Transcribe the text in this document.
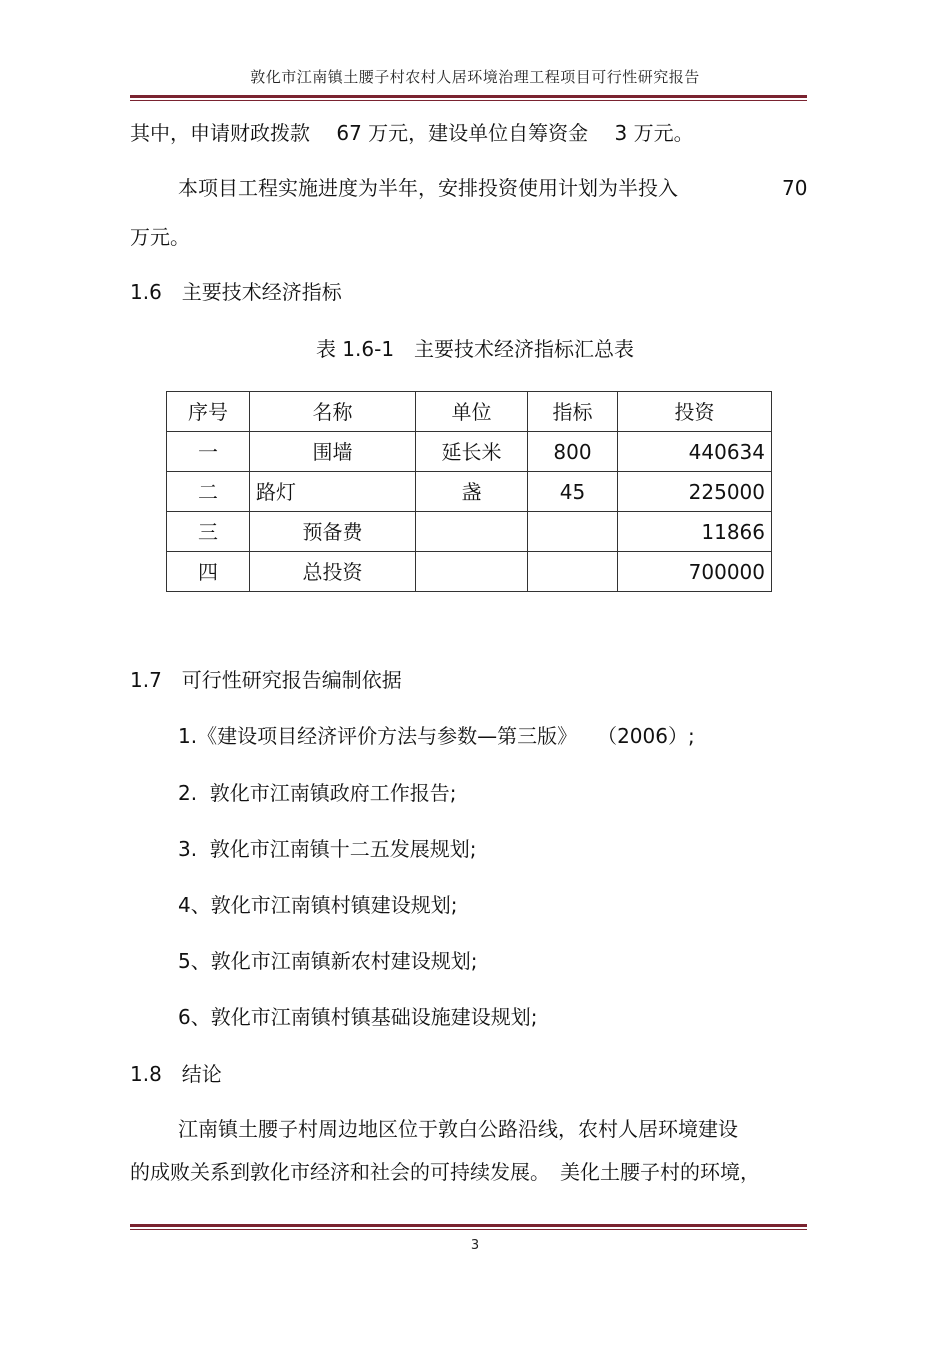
敦化市江南镇土腰子村农村人居环境治理工程项目可行性研究报告
其中，申请财政拨款　 67 万元，建设单位自筹资金　 3 万元。
本项目工程实施进度为半年，安排投资使用计划为半投入	70
万元。
1.6　主要技术经济指标
表 1.6-1　主要技术经济指标汇总表
序号	名称	单位	指标	投资
一	围墙	延长米	800	440634
二	路灯	盏	45	225000
三	预备费			11866
四	总投资			700000
1.7　可行性研究报告编制依据
1.《建设项目经济评价方法与参数—第三版》　　（2006）;
2.  敦化市江南镇政府工作报告;
3.  敦化市江南镇十二五发展规划;
4、敦化市江南镇村镇建设规划;
5、敦化市江南镇新农村建设规划;
6、敦化市江南镇村镇基础设施建设规划;
1.8　结论
江南镇土腰子村周边地区位于敦白公路沿线，农村人居环境建设
的成败关系到敦化市经济和社会的可持续发展。　美化土腰子村的环境，
3
